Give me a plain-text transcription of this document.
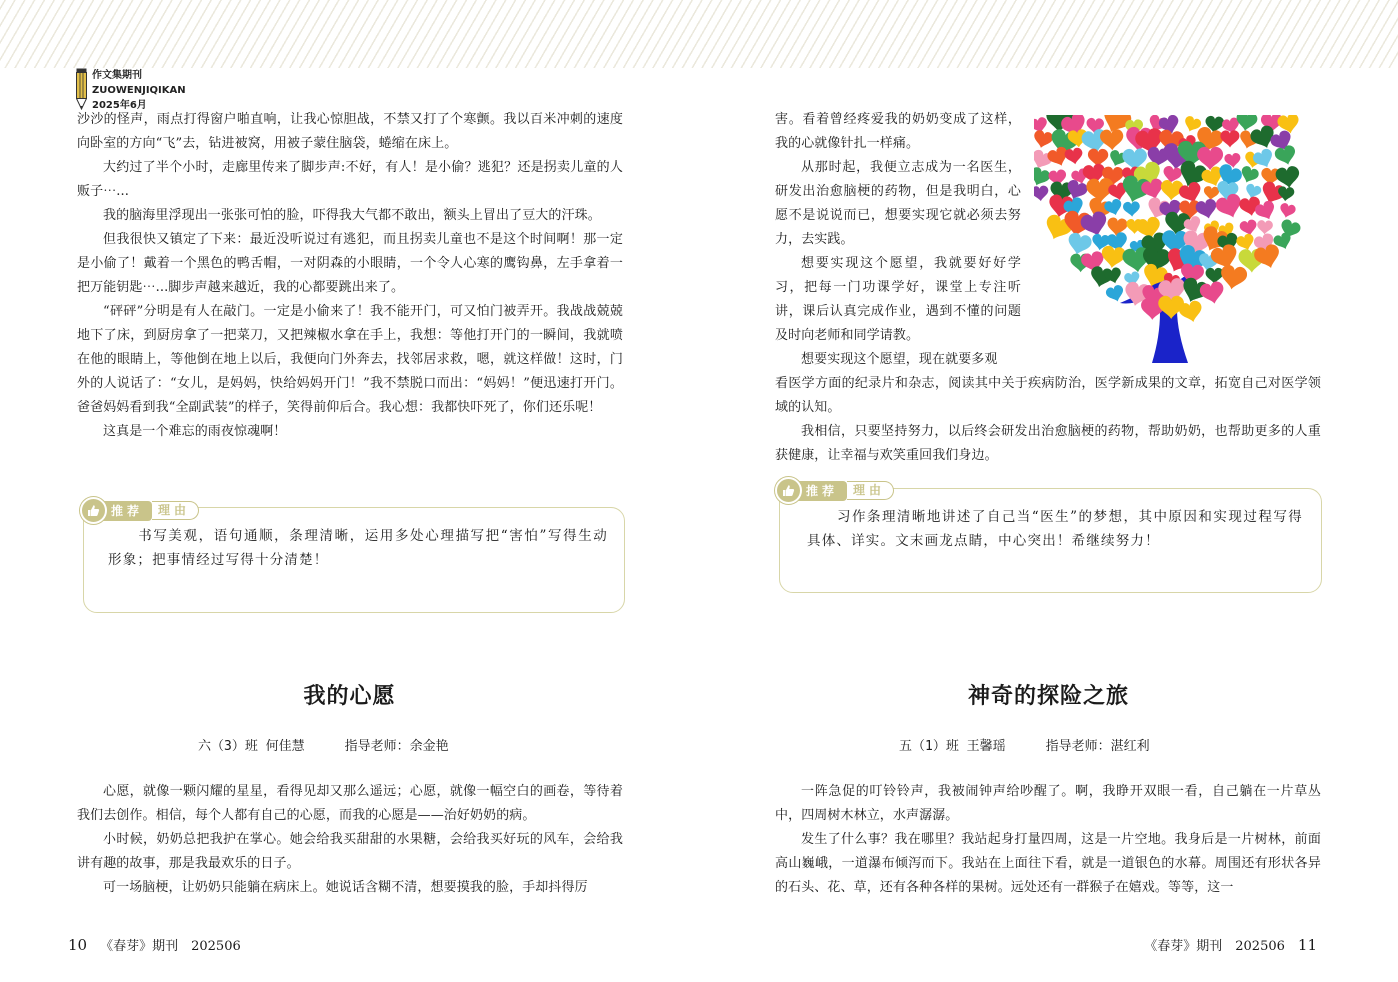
作文集期刊
ZUOWENJIQIKAN
2025年6月

沙沙的怪声，雨点打得窗户啪直响，让我心惊胆战，不禁又打了个寒颤。我以百米冲刺的速度向卧室的方向“飞”去，钻进被窝，用被子蒙住脑袋，蜷缩在床上。

大约过了半个小时，走廊里传来了脚步声:不好，有人！是小偷？逃犯？还是拐卖儿童的人贩子⋯...

我的脑海里浮现出一张张可怕的脸，吓得我大气都不敢出，额头上冒出了豆大的汗珠。

但我很快又镇定了下来：最近没听说过有逃犯，而且拐卖儿童也不是这个时间啊！那一定是小偷了！戴着一个黑色的鸭舌帽，一对阴森的小眼睛，一个令人心寒的鹰钩鼻，左手拿着一把万能钥匙⋯...脚步声越来越近，我的心都要跳出来了。

“砰砰”分明是有人在敲门。一定是小偷来了！我不能开门，可又怕门被弄开。我战战兢兢地下了床，到厨房拿了一把菜刀，又把辣椒水拿在手上，我想：等他打开门的一瞬间，我就喷在他的眼睛上，等他倒在地上以后，我便向门外奔去，找邻居求救，嗯，就这样做！这时，门外的人说话了：“女儿，是妈妈，快给妈妈开门！”我不禁脱口而出：“妈妈！”便迅速打开门。爸爸妈妈看到我“全副武装”的样子，笑得前仰后合。我心想：我都快吓死了，你们还乐呢！

这真是一个难忘的雨夜惊魂啊！

　　书写美观，语句通顺，条理清晰，运用多处心理描写把“害怕”写得生动形象；把事情经过写得十分清楚！
推荐	理由
我的心愿
六（3）班 何佳慧	指导老师：余金艳

心愿，就像一颗闪耀的星星，看得见却又那么遥远；心愿，就像一幅空白的画卷，等待着我们去创作。相信，每个人都有自己的心愿，而我的心愿是——治好奶奶的病。

小时候，奶奶总把我护在掌心。她会给我买甜甜的水果糖，会给我买好玩的风车，会给我讲有趣的故事，那是我最欢乐的日子。

可一场脑梗，让奶奶只能躺在病床上。她说话含糊不清，想要摸我的脸，手却抖得厉

10  《春芽》期刊  202506

害。看着曾经疼爱我的奶奶变成了这样，我的心就像针扎一样痛。

从那时起，我便立志成为一名医生，研发出治愈脑梗的药物，但是我明白，心愿不是说说而已，想要实现它就必须去努力，去实践。

想要实现这个愿望，我就要好好学习，把每一门功课学好，课堂上专注听讲，课后认真完成作业，遇到不懂的问题及时向老师和同学请教。

想要实现这个愿望，现在就要多观

看医学方面的纪录片和杂志，阅读其中关于疾病防治，医学新成果的文章，拓宽自己对医学领域的认知。

我相信，只要坚持努力，以后终会研发出治愈脑梗的药物，帮助奶奶，也帮助更多的人重获健康，让幸福与欢笑重回我们身边。

　　习作条理清晰地讲述了自己当“医生”的梦想，其中原因和实现过程写得具体、详实。文末画龙点睛，中心突出！希继续努力！
推荐	理由
神奇的探险之旅
五（1）班 王馨瑶	指导老师：湛红利

一阵急促的叮铃铃声，我被闹钟声给吵醒了。啊，我睁开双眼一看，自己躺在一片草丛中，四周树木林立，水声潺潺。

发生了什么事？我在哪里？我站起身打量四周，这是一片空地。我身后是一片树林，前面高山巍峨，一道瀑布倾泻而下。我站在上面往下看，就是一道银色的水幕。周围还有形状各异的石头、花、草，还有各种各样的果树。远处还有一群猴子在嬉戏。等等，这一

《春芽》期刊  202506  11
